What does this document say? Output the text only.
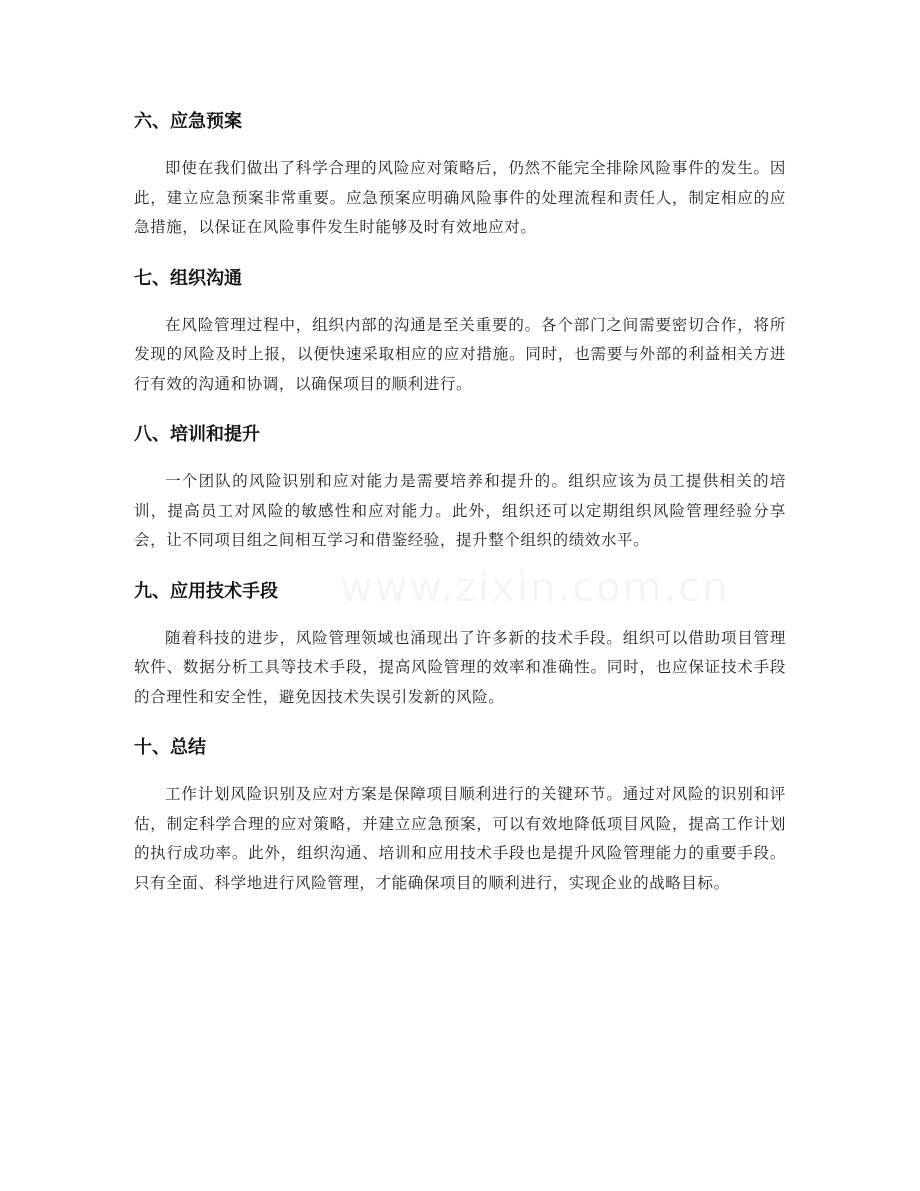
六、应急预案

即使在我们做出了科学合理的风险应对策略后，仍然不能完全排除风险事件的发生。因此，建立应急预案非常重要。应急预案应明确风险事件的处理流程和责任人，制定相应的应急措施，以保证在风险事件发生时能够及时有效地应对。

七、组织沟通

在风险管理过程中，组织内部的沟通是至关重要的。各个部门之间需要密切合作，将所发现的风险及时上报，以便快速采取相应的应对措施。同时，也需要与外部的利益相关方进行有效的沟通和协调，以确保项目的顺利进行。

八、培训和提升

一个团队的风险识别和应对能力是需要培养和提升的。组织应该为员工提供相关的培训，提高员工对风险的敏感性和应对能力。此外，组织还可以定期组织风险管理经验分享会，让不同项目组之间相互学习和借鉴经验，提升整个组织的绩效水平。

九、应用技术手段

随着科技的进步，风险管理领域也涌现出了许多新的技术手段。组织可以借助项目管理软件、数据分析工具等技术手段，提高风险管理的效率和准确性。同时，也应保证技术手段的合理性和安全性，避免因技术失误引发新的风险。

十、总结

工作计划风险识别及应对方案是保障项目顺利进行的关键环节。通过对风险的识别和评估，制定科学合理的应对策略，并建立应急预案，可以有效地降低项目风险，提高工作计划的执行成功率。此外，组织沟通、培训和应用技术手段也是提升风险管理能力的重要手段。只有全面、科学地进行风险管理，才能确保项目的顺利进行，实现企业的战略目标。
